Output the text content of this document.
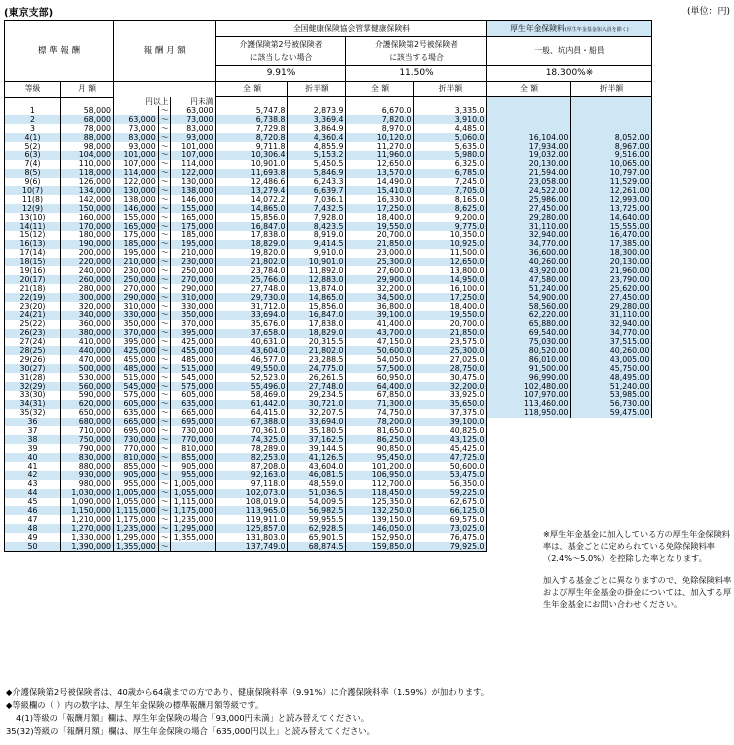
(東京支部)	(単位：円)
標 準 報 酬		報 酬 月 額			全国健康保険協会管掌健康保険料				厚生年金保険料(厚生年金基金加入員を除く)	
					介護保険第2号被保険者
に該当しない場合		介護保険第2号被保険者
に該当する場合		一般、坑内員・船員	
					9.91%		11.50%		18.300%※	
等級	月 額				全 額	折半額	全 額	折半額	全 額	折半額

		円以上		円未満						
1	58,000		～	63,000	5,747.8	2,873.9	6,670.0	3,335.0		
2	68,000	63,000	～	73,000	6,738.8	3,369.4	7,820.0	3,910.0		
3	78,000	73,000	～	83,000	7,729.8	3,864.9	8,970.0	4,485.0		
4(1)	88,000	83,000	～	93,000	8,720.8	4,360.4	10,120.0	5,060.0	16,104.00	8,052.00
5(2)	98,000	93,000	～	101,000	9,711.8	4,855.9	11,270.0	5,635.0	17,934.00	8,967.00
6(3)	104,000	101,000	～	107,000	10,306.4	5,153.2	11,960.0	5,980.0	19,032.00	9,516.00
7(4)	110,000	107,000	～	114,000	10,901.0	5,450.5	12,650.0	6,325.0	20,130.00	10,065.00
8(5)	118,000	114,000	～	122,000	11,693.8	5,846.9	13,570.0	6,785.0	21,594.00	10,797.00
9(6)	126,000	122,000	～	130,000	12,486.6	6,243.3	14,490.0	7,245.0	23,058.00	11,529.00
10(7)	134,000	130,000	～	138,000	13,279.4	6,639.7	15,410.0	7,705.0	24,522.00	12,261.00
11(8)	142,000	138,000	～	146,000	14,072.2	7,036.1	16,330.0	8,165.0	25,986.00	12,993.00
12(9)	150,000	146,000	～	155,000	14,865.0	7,432.5	17,250.0	8,625.0	27,450.00	13,725.00
13(10)	160,000	155,000	～	165,000	15,856.0	7,928.0	18,400.0	9,200.0	29,280.00	14,640.00
14(11)	170,000	165,000	～	175,000	16,847.0	8,423.5	19,550.0	9,775.0	31,110.00	15,555.00
15(12)	180,000	175,000	～	185,000	17,838.0	8,919.0	20,700.0	10,350.0	32,940.00	16,470.00
16(13)	190,000	185,000	～	195,000	18,829.0	9,414.5	21,850.0	10,925.0	34,770.00	17,385.00
17(14)	200,000	195,000	～	210,000	19,820.0	9,910.0	23,000.0	11,500.0	36,600.00	18,300.00
18(15)	220,000	210,000	～	230,000	21,802.0	10,901.0	25,300.0	12,650.0	40,260.00	20,130.00
19(16)	240,000	230,000	～	250,000	23,784.0	11,892.0	27,600.0	13,800.0	43,920.00	21,960.00
20(17)	260,000	250,000	～	270,000	25,766.0	12,883.0	29,900.0	14,950.0	47,580.00	23,790.00
21(18)	280,000	270,000	～	290,000	27,748.0	13,874.0	32,200.0	16,100.0	51,240.00	25,620.00
22(19)	300,000	290,000	～	310,000	29,730.0	14,865.0	34,500.0	17,250.0	54,900.00	27,450.00
23(20)	320,000	310,000	～	330,000	31,712.0	15,856.0	36,800.0	18,400.0	58,560.00	29,280.00
24(21)	340,000	330,000	～	350,000	33,694.0	16,847.0	39,100.0	19,550.0	62,220.00	31,110.00
25(22)	360,000	350,000	～	370,000	35,676.0	17,838.0	41,400.0	20,700.0	65,880.00	32,940.00
26(23)	380,000	370,000	～	395,000	37,658.0	18,829.0	43,700.0	21,850.0	69,540.00	34,770.00
27(24)	410,000	395,000	～	425,000	40,631.0	20,315.5	47,150.0	23,575.0	75,030.00	37,515.00
28(25)	440,000	425,000	～	455,000	43,604.0	21,802.0	50,600.0	25,300.0	80,520.00	40,260.00
29(26)	470,000	455,000	～	485,000	46,577.0	23,288.5	54,050.0	27,025.0	86,010.00	43,005.00
30(27)	500,000	485,000	～	515,000	49,550.0	24,775.0	57,500.0	28,750.0	91,500.00	45,750.00
31(28)	530,000	515,000	～	545,000	52,523.0	26,261.5	60,950.0	30,475.0	96,990.00	48,495.00
32(29)	560,000	545,000	～	575,000	55,496.0	27,748.0	64,400.0	32,200.0	102,480.00	51,240.00
33(30)	590,000	575,000	～	605,000	58,469.0	29,234.5	67,850.0	33,925.0	107,970.00	53,985.00
34(31)	620,000	605,000	～	635,000	61,442.0	30,721.0	71,300.0	35,650.0	113,460.00	56,730.00
35(32)	650,000	635,000	～	665,000	64,415.0	32,207.5	74,750.0	37,375.0	118,950.00	59,475.00
36	680,000	665,000	～	695,000	67,388.0	33,694.0	78,200.0	39,100.0		
37	710,000	695,000	～	730,000	70,361.0	35,180.5	81,650.0	40,825.0		
38	750,000	730,000	～	770,000	74,325.0	37,162.5	86,250.0	43,125.0		
39	790,000	770,000	～	810,000	78,289.0	39,144.5	90,850.0	45,425.0		
40	830,000	810,000	～	855,000	82,253.0	41,126.5	95,450.0	47,725.0		
41	880,000	855,000	～	905,000	87,208.0	43,604.0	101,200.0	50,600.0		
42	930,000	905,000	～	955,000	92,163.0	46,081.5	106,950.0	53,475.0		
43	980,000	955,000	～	1,005,000	97,118.0	48,559.0	112,700.0	56,350.0		
44	1,030,000	1,005,000	～	1,055,000	102,073.0	51,036.5	118,450.0	59,225.0		
45	1,090,000	1,055,000	～	1,115,000	108,019.0	54,009.5	125,350.0	62,675.0		
46	1,150,000	1,115,000	～	1,175,000	113,965.0	56,982.5	132,250.0	66,125.0		
47	1,210,000	1,175,000	～	1,235,000	119,911.0	59,955.5	139,150.0	69,575.0		
48	1,270,000	1,235,000	～	1,295,000	125,857.0	62,928.5	146,050.0	73,025.0		
49	1,330,000	1,295,000	～	1,355,000	131,803.0	65,901.5	152,950.0	76,475.0		
50	1,390,000	1,355,000	～		137,749.0	68,874.5	159,850.0	79,925.0		
※厚生年金基金に加入している方の厚生年金保険料率は、基金ごとに定められている免除保険料率（2.4%～5.0%）を控除した率となります。
加入する基金ごとに異なりますので、免除保険料率および厚生年金基金の掛金については、加入する厚生年金基金にお問い合わせください。
◆介護保険第2号被保険者は、40歳から64歳までの方であり、健康保険料率（9.91%）に介護保険料率（1.59%）が加わります。
◆等級欄の（ ）内の数字は、厚生年金保険の標準報酬月額等級です。
4(1)等級の「報酬月額」欄は、厚生年金保険の場合「93,000円未満」と読み替えてください。
35(32)等級の「報酬月額」欄は、厚生年金保険の場合「635,000円以上」と読み替えてください。
